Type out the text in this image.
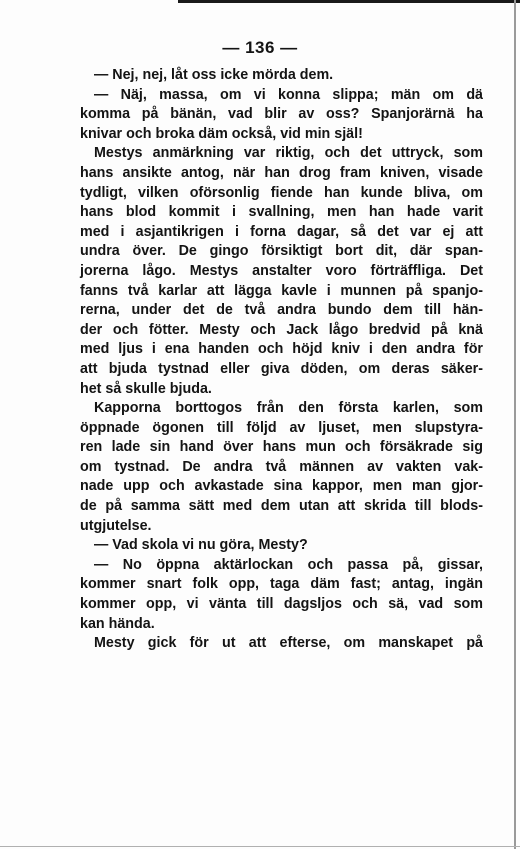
— 136 —

— Nej, nej, låt oss icke mörda dem.

— Näj, massa, om vi konna slippa; män om dä
komma på bänän, vad blir av oss? Spanjorärnä ha
knivar och broka däm också, vid min själ!

Mestys anmärkning var riktig, och det uttryck, som
hans ansikte antog, när han drog fram kniven, visade
tydligt, vilken oförsonlig fiende han kunde bliva, om
hans blod kommit i svallning, men han hade varit
med i asjantikrigen i forna dagar, så det var ej att
undra över. De gingo försiktigt bort dit, där span-
jorerna lågo. Mestys anstalter voro förträffliga. Det
fanns två karlar att lägga kavle i munnen på spanjo-
rerna, under det de två andra bundo dem till hän-
der och fötter. Mesty och Jack lågo bredvid på knä
med ljus i ena handen och höjd kniv i den andra för
att bjuda tystnad eller giva döden, om deras säker-
het så skulle bjuda.

Kapporna borttogos från den första karlen, som
öppnade ögonen till följd av ljuset, men slupstyra-
ren lade sin hand över hans mun och försäkrade sig
om tystnad. De andra två männen av vakten vak-
nade upp och avkastade sina kappor, men man gjor-
de på samma sätt med dem utan att skrida till blods-
utgjutelse.

— Vad skola vi nu göra, Mesty?

— No öppna aktärlockan och passa på, gissar,
kommer snart folk opp, taga däm fast; antag, ingän
kommer opp, vi vänta till dagsljos och sä, vad som
kan hända.

Mesty gick för ut att efterse, om manskapet på
